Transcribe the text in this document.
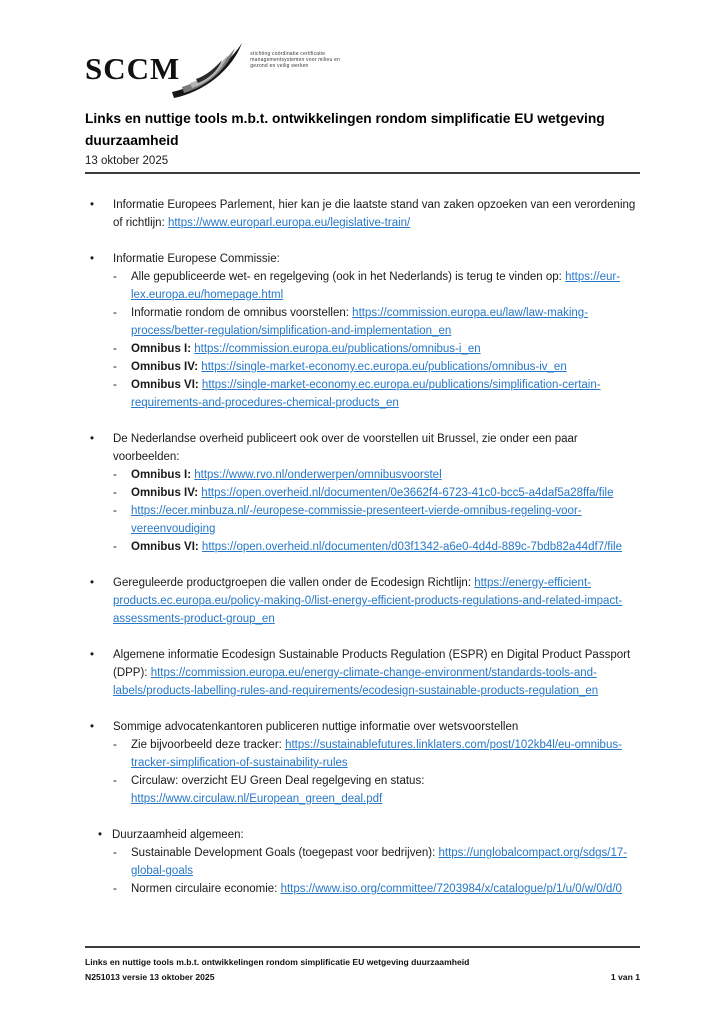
SCCM	stichting coördinatie certificatie
managementsystemen voor milieu en
gezond en veilig werken
Links en nuttige tools m.b.t. ontwikkelingen rondom simplificatie EU wetgeving duurzaamheid
13 oktober 2025
•	Informatie Europees Parlement, hier kan je die laatste stand van zaken opzoeken van een verordening of richtlijn: https://www.europarl.europa.eu/legislative-train/
•	Informatie Europese Commissie:
-	Alle gepubliceerde wet- en regelgeving (ook in het Nederlands) is terug te vinden op: https://eur-lex.europa.eu/homepage.html
-	Informatie rondom de omnibus voorstellen: https://commission.europa.eu/law/law-making-process/better-regulation/simplification-and-implementation_en
-	Omnibus I: https://commission.europa.eu/publications/omnibus-i_en
-	Omnibus IV: https://single-market-economy.ec.europa.eu/publications/omnibus-iv_en
-	Omnibus VI: https://single-market-economy.ec.europa.eu/publications/simplification-certain-requirements-and-procedures-chemical-products_en
•	De Nederlandse overheid publiceert ook over de voorstellen uit Brussel, zie onder een paar voorbeelden:
-	Omnibus I: https://www.rvo.nl/onderwerpen/omnibusvoorstel
-	Omnibus IV: https://open.overheid.nl/documenten/0e3662f4-6723-41c0-bcc5-a4daf5a28ffa/file
-	https://ecer.minbuza.nl/-/europese-commissie-presenteert-vierde-omnibus-regeling-voor-vereenvoudiging
-	Omnibus VI: https://open.overheid.nl/documenten/d03f1342-a6e0-4d4d-889c-7bdb82a44df7/file
•	Gereguleerde productgroepen die vallen onder de Ecodesign Richtlijn: https://energy-efficient-products.ec.europa.eu/policy-making-0/list-energy-efficient-products-regulations-and-related-impact-assessments-product-group_en
•	Algemene informatie Ecodesign Sustainable Products Regulation (ESPR) en Digital Product Passport (DPP): https://commission.europa.eu/energy-climate-change-environment/standards-tools-and-labels/products-labelling-rules-and-requirements/ecodesign-sustainable-products-regulation_en
•	Sommige advocatenkantoren publiceren nuttige informatie over wetsvoorstellen
-	Zie bijvoorbeeld deze tracker: https://sustainablefutures.linklaters.com/post/102kb4l/eu-omnibus-tracker-simplification-of-sustainability-rules
-	Circulaw: overzicht EU Green Deal regelgeving en status: https://www.circulaw.nl/European_green_deal.pdf
• Duurzaamheid algemeen:
-	Sustainable Development Goals (toegepast voor bedrijven): https://unglobalcompact.org/sdgs/17-global-goals
-	Normen circulaire economie: https://www.iso.org/committee/7203984/x/catalogue/p/1/u/0/w/0/d/0
Links en nuttige tools m.b.t. ontwikkelingen rondom simplificatie EU wetgeving duurzaamheid
N251013 versie 13 oktober 2025	1 van 1
